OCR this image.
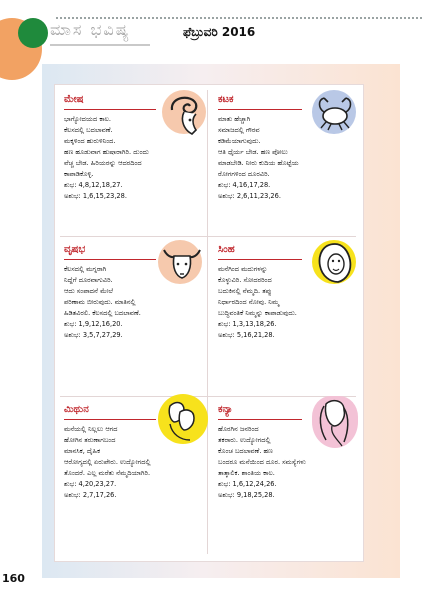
ಮಾಸ ಭವಿಷ್ಯ	ಫೆಬ್ರುವರಿ 2016
ಮೇಷ

ಭಾಗ್ಯೋದಯದ ಕಾಲ.

ಕೆಲಸದಲ್ಲಿ ಬದಲಾವಣೆ.

ಮಕ್ಕಳಿಂದ ಹುರುಳಿನಿಂದ.

ಹಣ ಹೂಡುವಾಗ ಹುಷಾರಾಗಿರಿ. ದುಂದು

ವೆಚ್ಚ ಬೇಡ. ಹಿರಿಯರನ್ನು ಆದರದಿಂದ

ಕಾಪಾಡಿಕೊಳ್ಳಿ.

ಶುಭ: 4,8,12,18,27.

ಅಶುಭ: 1,6,15,23,28.

ಕಟಕ

ಮಾತು ಹೆಚ್ಚಾಗಿ

ಸಮಾಜದಲ್ಲಿ ಗೌರವ

ಕಡಿಮೆಯಾಗುವುದು.

ಆತಿ ಧೈರ್ಯ ಬೇಡ. ಹಣ ಪೋಲು

ಮಾಡಬೇಡಿ. ನೀರು ಕುದಿಯ ಹೊಟ್ಟೆಯ

ರೋಗಗಳಿಂದ ದೂರವಿರಿ.

ಶುಭ: 4,16,17,28.

ಅಶುಭ: 2,6,11,23,26.

ವೃಷಭ

ಕೆಲಸದಲ್ಲಿ ಮಗ್ನರಾಗಿ

ನಿದ್ದೆಗೆ ದೂರವಾಗುವಿರಿ.

ಆದು ಸಂಪಾದನೆ ಮೇಲೆ

ಪರಿಣಾಮ ಬೀರುವುದು. ಮಾತಿನಲ್ಲಿ

ಹಿಡಿತವಿರಲಿ. ಕೆಲಸದಲ್ಲಿ ಬದಲಾವಣೆ.

ಶುಭ: 1,9,12,16,20.

ಅಶುಭ: 3,5,7,27,29.

ಸಿಂಹ

ಮನೆಗಿಂದ ಮದುಗಳನ್ನು

ಕೊಳ್ಳುವಿರಿ. ಸೋದರರಿಂದ

ಬದುಕಿನಲ್ಲಿ ನೆಮ್ಮದಿ. ತಪ್ಪು

ನಿರ್ಧಾರದಿಂದ ನೋವು. ನಿಮ್ಮ

ಬುದ್ಧಿವಂತಿಕೆ ನಿಮ್ಮನ್ನು ಕಾಪಾಡುವುದು.

ಶುಭ: 1,3,13,18,26.

ಅಶುಭ: 5,16,21,28.

ಮಿಥುನ

ಮನೆಯಲ್ಲಿ ನಿಲ್ಲಲು ಆಗದ

ಹೋಗಿನ ತರುಣಾಗಬಂದ

ಮಾನಸಿಕ, ದೈಹಿಕ

ಆರೋಗ್ಯದಲ್ಲಿ ಏರುಪೇರು. ಉದ್ಯೋಗದಲ್ಲಿ

ತೊಂದರೆ. ಎಲ್ಲ ಮರೆತು ನೆಮ್ಮದಿಯಾಗಿರಿ.

ಶುಭ: 4,20,23,27.

ಅಶುಭ: 2,7,17,26.

ಕನ್ಯಾ

ಹೊರಗಿನ ಜನರಿಂದ

ತಕರಾರು. ಉದ್ಯೋಗದಲ್ಲಿ

ಕೊಂಚ ಬದಲಾವಣೆ. ಹಣ

ಬಂದರೂ ಮನೆಯಿಂದ ದೂರ. ಸಮಸ್ಯೆಗಳು

ತಾತ್ಕಾಲಿಕ. ಶಾಂತಿಯ ಕಾಲ.

ಶುಭ: 1,6,12,24,26.

ಅಶುಭ: 9,18,25,28.

160
